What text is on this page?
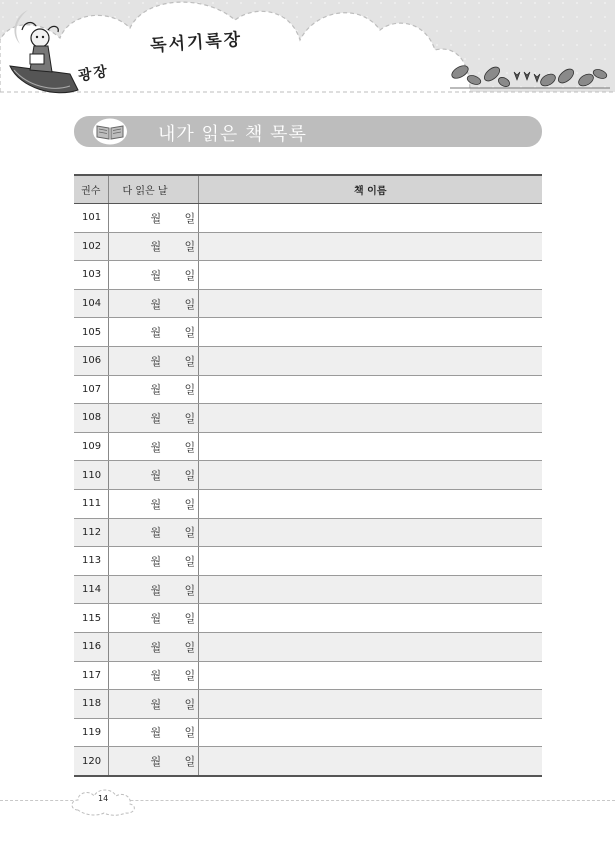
독서기록장
광장
내가 읽은 책 목록
권수	다 읽은 날	책 이름
101	월 일	

102	월 일	

103	월 일	

104	월 일	

105	월 일	

106	월 일	

107	월 일	

108	월 일	

109	월 일	

110	월 일	

111	월 일	

112	월 일	

113	월 일	

114	월 일	

115	월 일	

116	월 일	

117	월 일	

118	월 일	

119	월 일	

120	월 일	

14
